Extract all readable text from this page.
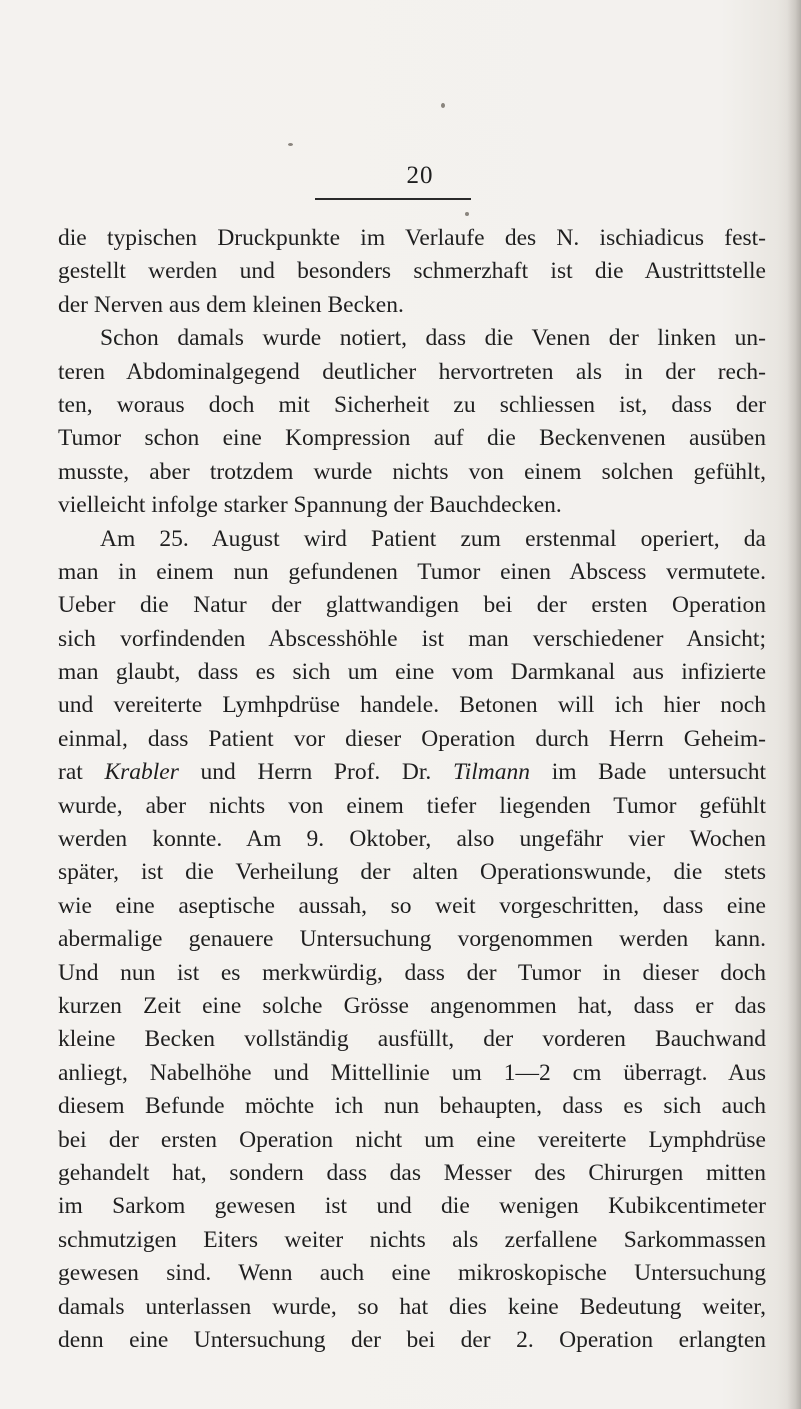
20
die typischen Druckpunkte im Verlaufe des N. ischiadicus fest-
gestellt werden und besonders schmerzhaft ist die Austrittstelle
der Nerven aus dem kleinen Becken.
Schon damals wurde notiert, dass die Venen der linken un-
teren Abdominalgegend deutlicher hervortreten als in der rech-
ten, woraus doch mit Sicherheit zu schliessen ist, dass der
Tumor schon eine Kompression auf die Beckenvenen ausüben
musste, aber trotzdem wurde nichts von einem solchen gefühlt,
vielleicht infolge starker Spannung der Bauchdecken.
Am 25. August wird Patient zum erstenmal operiert, da
man in einem nun gefundenen Tumor einen Abscess vermutete.
Ueber die Natur der glattwandigen bei der ersten Operation
sich vorfindenden Abscesshöhle ist man verschiedener Ansicht;
man glaubt, dass es sich um eine vom Darmkanal aus infizierte
und vereiterte Lymhpdrüse handele. Betonen will ich hier noch
einmal, dass Patient vor dieser Operation durch Herrn Geheim-
rat Krabler und Herrn Prof. Dr. Tilmann im Bade untersucht
wurde, aber nichts von einem tiefer liegenden Tumor gefühlt
werden konnte. Am 9. Oktober, also ungefähr vier Wochen
später, ist die Verheilung der alten Operationswunde, die stets
wie eine aseptische aussah, so weit vorgeschritten, dass eine
abermalige genauere Untersuchung vorgenommen werden kann.
Und nun ist es merkwürdig, dass der Tumor in dieser doch
kurzen Zeit eine solche Grösse angenommen hat, dass er das
kleine Becken vollständig ausfüllt, der vorderen Bauchwand
anliegt, Nabelhöhe und Mittellinie um 1—2 cm überragt. Aus
diesem Befunde möchte ich nun behaupten, dass es sich auch
bei der ersten Operation nicht um eine vereiterte Lymphdrüse
gehandelt hat, sondern dass das Messer des Chirurgen mitten
im Sarkom gewesen ist und die wenigen Kubikcentimeter
schmutzigen Eiters weiter nichts als zerfallene Sarkommassen
gewesen sind. Wenn auch eine mikroskopische Untersuchung
damals unterlassen wurde, so hat dies keine Bedeutung weiter,
denn eine Untersuchung der bei der 2. Operation erlangten
